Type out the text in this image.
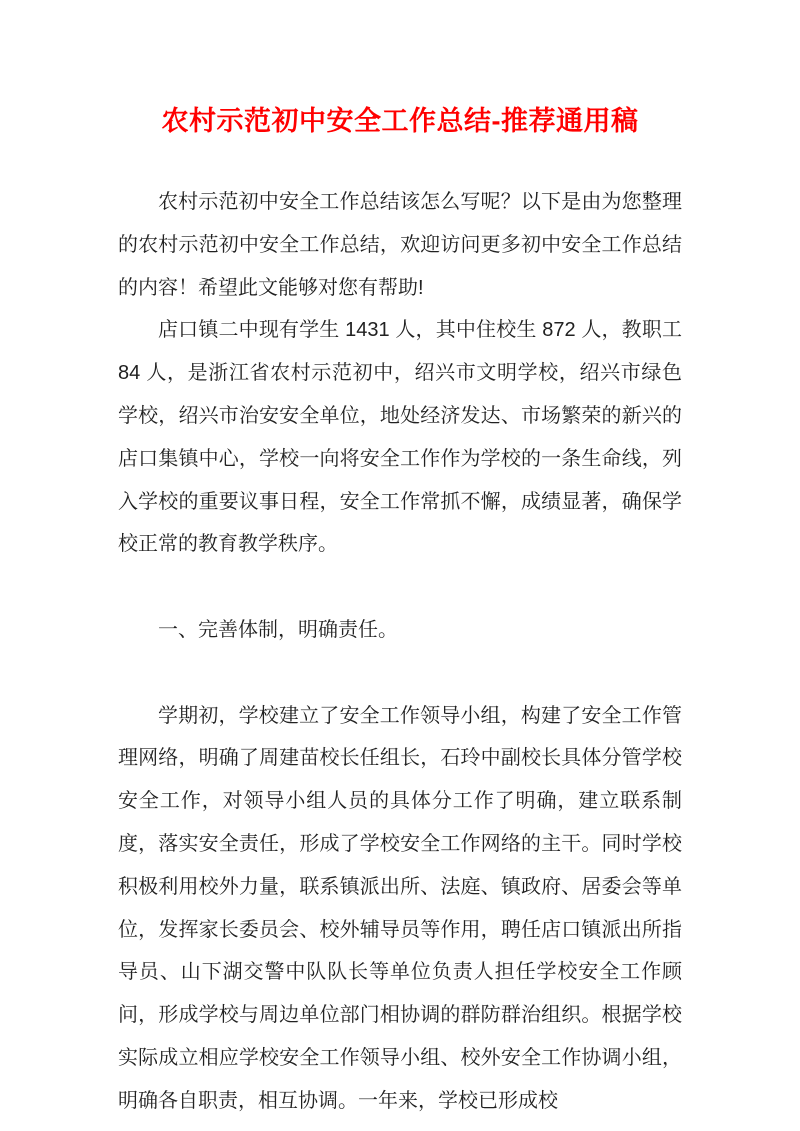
农村示范初中安全工作总结-推荐通用稿

农村示范初中安全工作总结该怎么写呢？以下是由为您整理的农村示范初中安全工作总结，欢迎访问更多初中安全工作总结的内容！希望此文能够对您有帮助!

店口镇二中现有学生 1431 人，其中住校生 872 人，教职工 84 人，是浙江省农村示范初中，绍兴市文明学校，绍兴市绿色学校，绍兴市治安安全单位，地处经济发达、市场繁荣的新兴的店口集镇中心，学校一向将安全工作作为学校的一条生命线，列入学校的重要议事日程，安全工作常抓不懈，成绩显著，确保学校正常的教育教学秩序。

一、完善体制，明确责任。

学期初，学校建立了安全工作领导小组，构建了安全工作管理网络，明确了周建苗校长任组长，石玲中副校长具体分管学校安全工作，对领导小组人员的具体分工作了明确，建立联系制度，落实安全责任，形成了学校安全工作网络的主干。同时学校积极利用校外力量，联系镇派出所、法庭、镇政府、居委会等单位，发挥家长委员会、校外辅导员等作用，聘任店口镇派出所指导员、山下湖交警中队队长等单位负责人担任学校安全工作顾问，形成学校与周边单位部门相协调的群防群治组织。根据学校实际成立相应学校安全工作领导小组、校外安全工作协调小组，明确各自职责，相互协调。一年来，学校已形成校
